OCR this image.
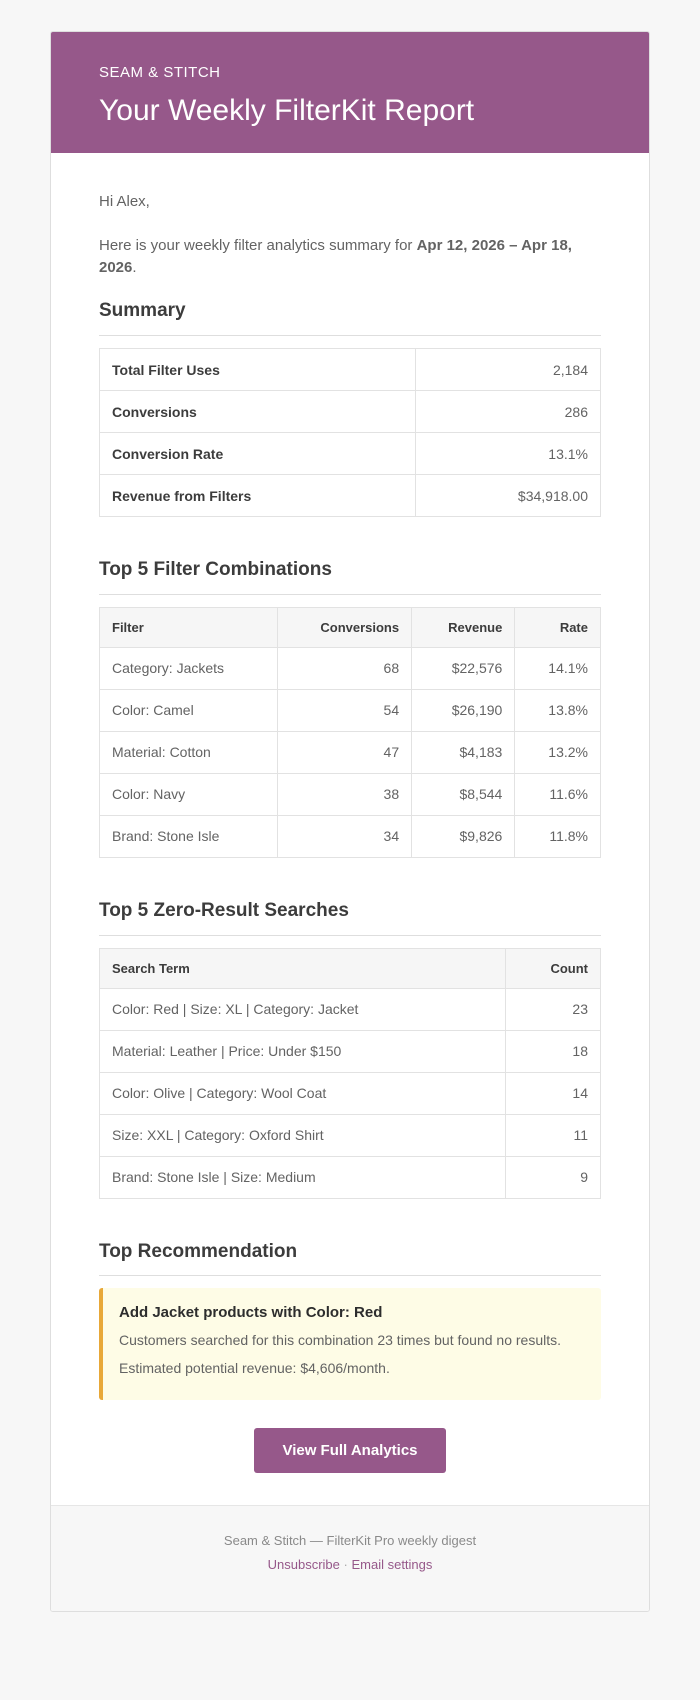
SEAM & STITCH
Your Weekly FilterKit Report

Hi Alex,

Here is your weekly filter analytics summary for Apr 12, 2026 – Apr 18, 2026.

Summary
Total Filter Uses	2,184
Conversions	286
Conversion Rate	13.1%
Revenue from Filters	$34,918.00
Top 5 Filter Combinations
Filter	Conversions	Revenue	Rate
Category: Jackets	68	$22,576	14.1%
Color: Camel	54	$26,190	13.8%
Material: Cotton	47	$4,183	13.2%
Color: Navy	38	$8,544	11.6%
Brand: Stone Isle	34	$9,826	11.8%
Top 5 Zero-Result Searches
Search Term	Count
Color: Red | Size: XL | Category: Jacket	23
Material: Leather | Price: Under $150	18
Color: Olive | Category: Wool Coat	14
Size: XXL | Category: Oxford Shirt	11
Brand: Stone Isle | Size: Medium	9
Top Recommendation

Add Jacket products with Color: Red

Customers searched for this combination 23 times but found no results.

Estimated potential revenue: $4,606/month.

View Full Analytics

Seam & Stitch — FilterKit Pro weekly digest

Unsubscribe · Email settings
